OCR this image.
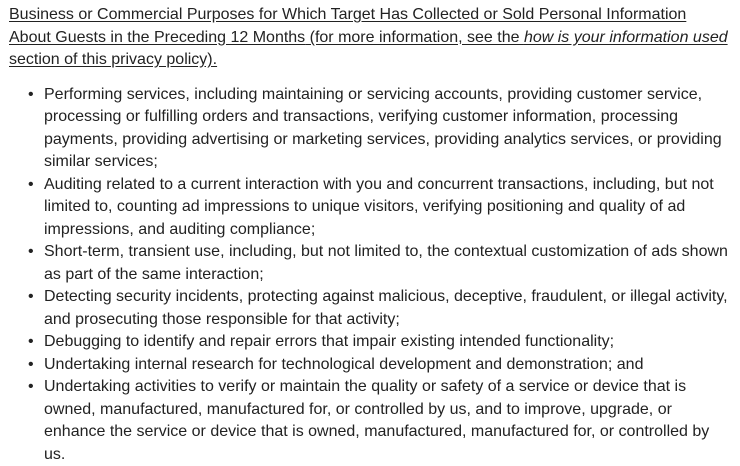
Business or Commercial Purposes for Which Target Has Collected or Sold Personal Information About Guests in the Preceding 12 Months (for more information, see the how is your information used section of this privacy policy).

• Performing services, including maintaining or servicing accounts, providing customer service, processing or fulfilling orders and transactions, verifying customer information, processing payments, providing advertising or marketing services, providing analytics services, or providing similar services;
• Auditing related to a current interaction with you and concurrent transactions, including, but not limited to, counting ad impressions to unique visitors, verifying positioning and quality of ad impressions, and auditing compliance;
• Short-term, transient use, including, but not limited to, the contextual customization of ads shown as part of the same interaction;
• Detecting security incidents, protecting against malicious, deceptive, fraudulent, or illegal activity, and prosecuting those responsible for that activity;
• Debugging to identify and repair errors that impair existing intended functionality;
• Undertaking internal research for technological development and demonstration; and
• Undertaking activities to verify or maintain the quality or safety of a service or device that is owned, manufactured, manufactured for, or controlled by us, and to improve, upgrade, or enhance the service or device that is owned, manufactured, manufactured for, or controlled by us.
